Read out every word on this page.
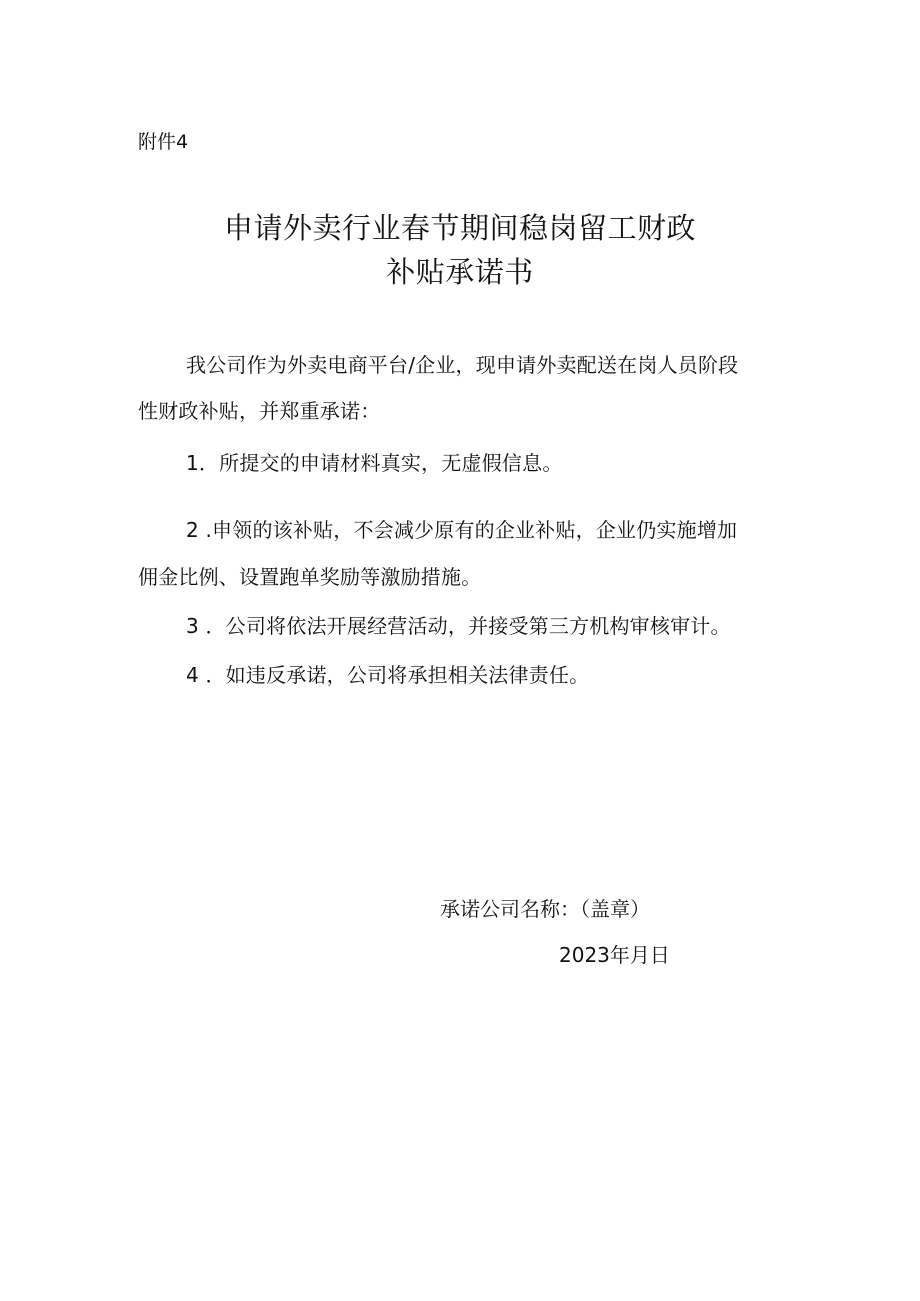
附件4
申请外卖行业春节期间稳岗留工财政
补贴承诺书
我公司作为外卖电商平台/企业，现申请外卖配送在岗人员阶段
性财政补贴，并郑重承诺：
1．所提交的申请材料真实，无虚假信息。
2 .申领的该补贴，不会减少原有的企业补贴，企业仍实施增加
佣金比例、设置跑单奖励等激励措施。
3 ．公司将依法开展经营活动，并接受第三方机构审核审计。
4 ．如违反承诺，公司将承担相关法律责任。
承诺公司名称：（盖章）
2023年月日
